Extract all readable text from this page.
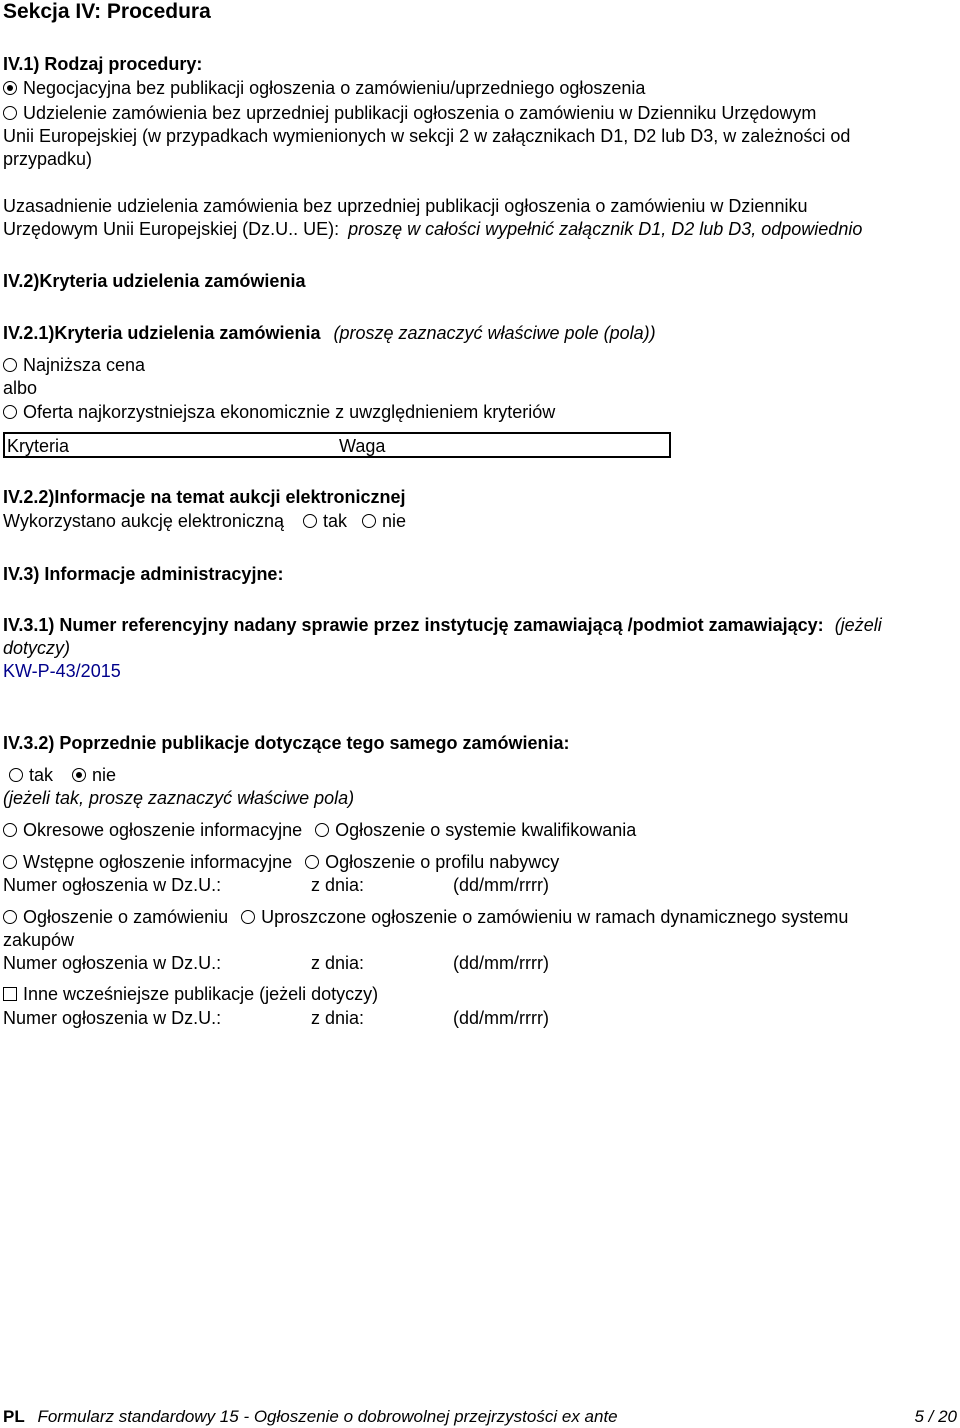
Sekcja IV: Procedura
IV.1) Rodzaj procedury:
Negocjacyjna bez publikacji ogłoszenia o zamówieniu/uprzedniego ogłoszenia
Udzielenie zamówienia bez uprzedniej publikacji ogłoszenia o zamówieniu w Dzienniku Urzędowym
Unii Europejskiej (w przypadkach wymienionych w sekcji 2 w załącznikach D1, D2 lub D3, w zależności od
przypadku)
Uzasadnienie udzielenia zamówienia bez uprzedniej publikacji ogłoszenia o zamówieniu w Dzienniku
Urzędowym Unii Europejskiej (Dz.U.. UE): proszę w całości wypełnić załącznik D1, D2 lub D3, odpowiednio
IV.2)Kryteria udzielenia zamówienia
IV.2.1)Kryteria udzielenia zamówienia (proszę zaznaczyć właściwe pole (pola))
Najniższa cena
albo
Oferta najkorzystniejsza ekonomicznie z uwzględnieniem kryteriów
Kryteria	Waga
IV.2.2)Informacje na temat aukcji elektronicznej
Wykorzystano aukcję elektroniczną tak nie
IV.3) Informacje administracyjne:
IV.3.1) Numer referencyjny nadany sprawie przez instytucję zamawiającą /podmiot zamawiający: (jeżeli
dotyczy)
KW-P-43/2015
IV.3.2) Poprzednie publikacje dotyczące tego samego zamówienia:
tak nie
(jeżeli tak, proszę zaznaczyć właściwe pola)
Okresowe ogłoszenie informacyjne Ogłoszenie o systemie kwalifikowania
Wstępne ogłoszenie informacyjne Ogłoszenie o profilu nabywcy
Numer ogłoszenia w Dz.U.:	z dnia:	(dd/mm/rrrr)
Ogłoszenie o zamówieniu Uproszczone ogłoszenie o zamówieniu w ramach dynamicznego systemu
zakupów
Numer ogłoszenia w Dz.U.:	z dnia:	(dd/mm/rrrr)
Inne wcześniejsze publikacje (jeżeli dotyczy)
Numer ogłoszenia w Dz.U.:	z dnia:	(dd/mm/rrrr)
PL Formularz standardowy 15 - Ogłoszenie o dobrowolnej przejrzystości ex ante	5 / 20
